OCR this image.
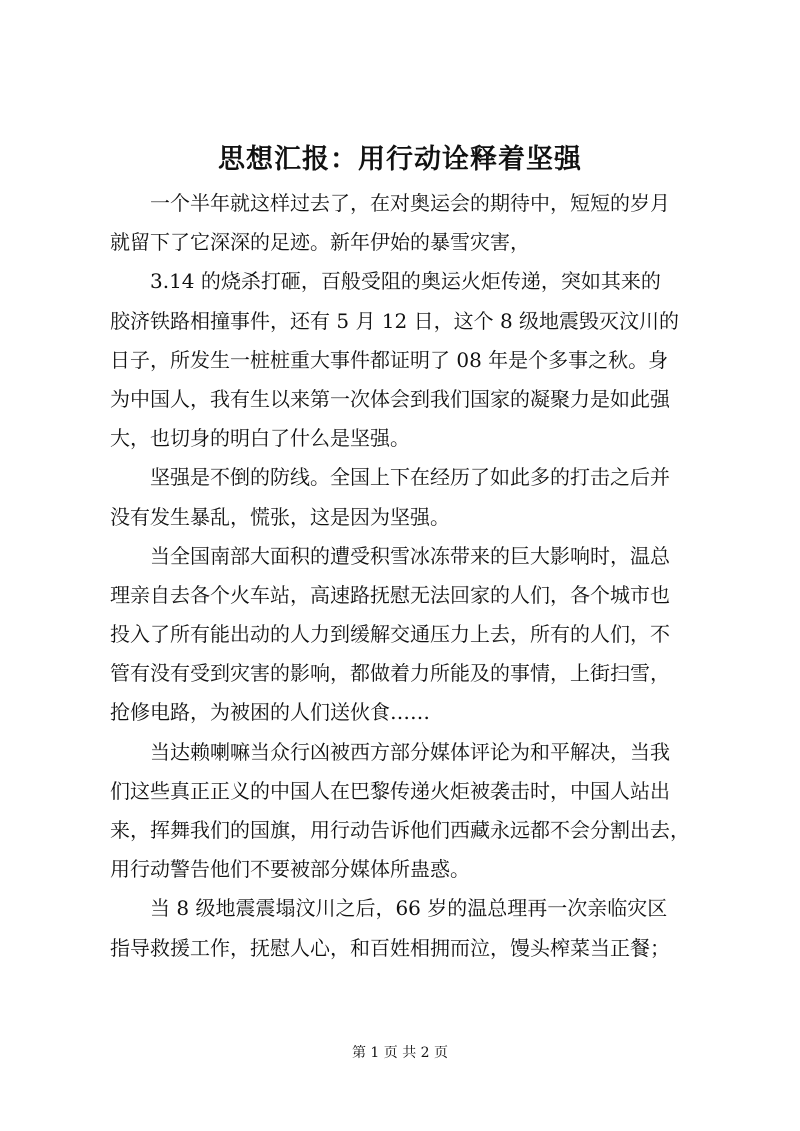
思想汇报：用行动诠释着坚强

一个半年就这样过去了，在对奥运会的期待中，短短的岁月
就留下了它深深的足迹。新年伊始的暴雪灾害，

3.14 的烧杀打砸，百般受阻的奥运火炬传递，突如其来的
胶济铁路相撞事件，还有 5 月 12 日，这个 8 级地震毁灭汶川的
日子，所发生一桩桩重大事件都证明了 08 年是个多事之秋。身
为中国人，我有生以来第一次体会到我们国家的凝聚力是如此强
大，也切身的明白了什么是坚强。

坚强是不倒的防线。全国上下在经历了如此多的打击之后并
没有发生暴乱，慌张，这是因为坚强。

当全国南部大面积的遭受积雪冰冻带来的巨大影响时，温总
理亲自去各个火车站，高速路抚慰无法回家的人们，各个城市也
投入了所有能出动的人力到缓解交通压力上去，所有的人们，不
管有没有受到灾害的影响，都做着力所能及的事情，上街扫雪，
抢修电路，为被困的人们送伙食……

当达赖喇嘛当众行凶被西方部分媒体评论为和平解决，当我
们这些真正正义的中国人在巴黎传递火炬被袭击时，中国人站出
来，挥舞我们的国旗，用行动告诉他们西藏永远都不会分割出去，
用行动警告他们不要被部分媒体所蛊惑。

当 8 级地震震塌汶川之后，66 岁的温总理再一次亲临灾区
指导救援工作，抚慰人心，和百姓相拥而泣，馒头榨菜当正餐；

第 1 页 共 2 页
